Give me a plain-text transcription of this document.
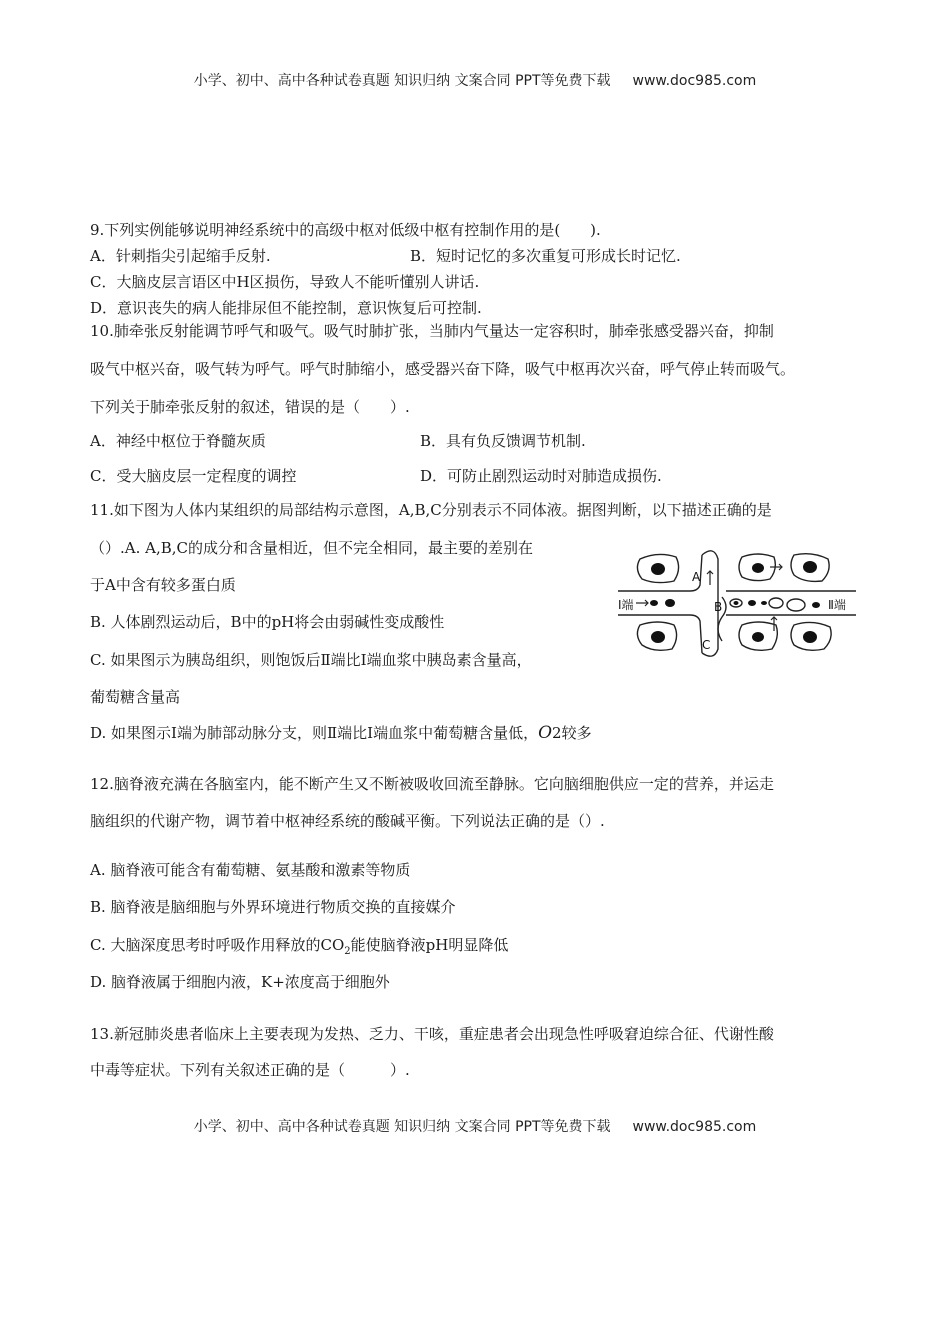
小学、初中、高中各种试卷真题 知识归纳 文案合同 PPT等免费下载 www.doc985.com
9.下列实例能够说明神经系统中的高级中枢对低级中枢有控制作用的是(　　).
A．针刺指尖引起缩手反射.	B．短时记忆的多次重复可形成长时记忆.
C．大脑皮层言语区中H区损伤，导致人不能听懂别人讲话.
D．意识丧失的病人能排尿但不能控制，意识恢复后可控制.
10.肺牵张反射能调节呼气和吸气。吸气时肺扩张，当肺内气量达一定容积时，肺牵张感受器兴奋，抑制
吸气中枢兴奋，吸气转为呼气。呼气时肺缩小，感受器兴奋下降，吸气中枢再次兴奋，呼气停止转而吸气。
下列关于肺牵张反射的叙述，错误的是（　　）.
A．神经中枢位于脊髓灰质	B．具有负反馈调节机制.
C．受大脑皮层一定程度的调控	D．可防止剧烈运动时对肺造成损伤.
11.如下图为人体内某组织的局部结构示意图，A,B,C分别表示不同体液。据图判断，以下描述正确的是
（）.A. A,B,C的成分和含量相近，但不完全相同，最主要的差别在
于A中含有较多蛋白质
B. 人体剧烈运动后，B中的pH将会由弱碱性变成酸性
C. 如果图示为胰岛组织，则饱饭后Ⅱ端比Ⅰ端血浆中胰岛素含量高，
葡萄糖含量高
D. 如果图示Ⅰ端为肺部动脉分支，则Ⅱ端比Ⅰ端血浆中葡萄糖含量低，O2较多
A
B
C
Ⅰ端	Ⅱ端
12.脑脊液充满在各脑室内，能不断产生又不断被吸收回流至静脉。它向脑细胞供应一定的营养，并运走
脑组织的代谢产物，调节着中枢神经系统的酸碱平衡。下列说法正确的是（）.
A. 脑脊液可能含有葡萄糖、氨基酸和激素等物质
B. 脑脊液是脑细胞与外界环境进行物质交换的直接媒介
C. 大脑深度思考时呼吸作用释放的$CO_2$能使脑脊液pH明显降低
D. 脑脊液属于细胞内液，K+浓度高于细胞外
13.新冠肺炎患者临床上主要表现为发热、乏力、干咳，重症患者会出现急性呼吸窘迫综合征、代谢性酸
中毒等症状。下列有关叙述正确的是（　　　）.
小学、初中、高中各种试卷真题 知识归纳 文案合同 PPT等免费下载 www.doc985.com
